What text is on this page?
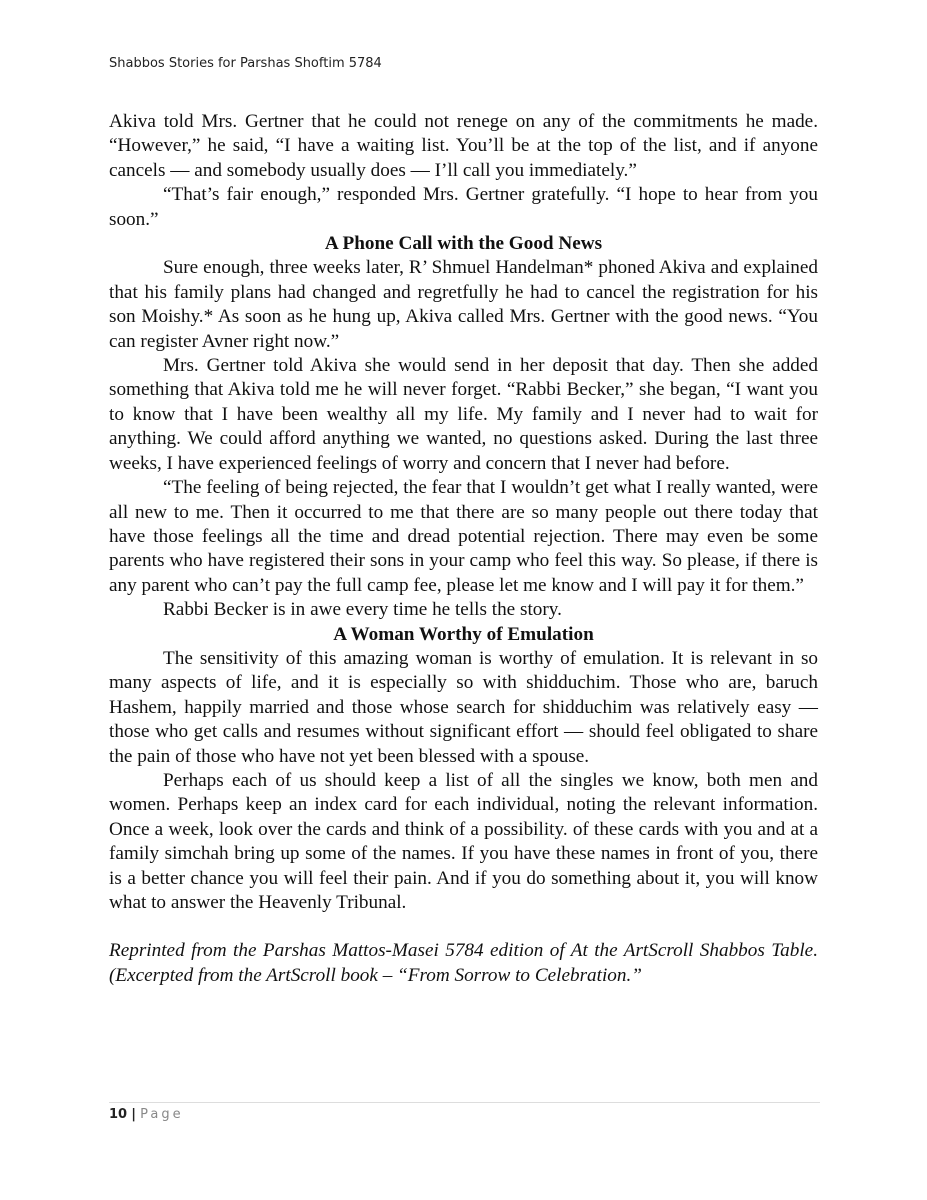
Shabbos Stories for Parshas Shoftim 5784

Akiva told Mrs. Gertner that he could not renege on any of the commitments he made. “However,” he said, “I have a waiting list. You’ll be at the top of the list, and if anyone cancels — and somebody usually does — I’ll call you immediately.”

“That’s fair enough,” responded Mrs. Gertner gratefully. “I hope to hear from you soon.”

A Phone Call with the Good News

Sure enough, three weeks later, R’ Shmuel Handelman* phoned Akiva and explained that his family plans had changed and regretfully he had to cancel the registration for his son Moishy.* As soon as he hung up, Akiva called Mrs. Gertner with the good news. “You can register Avner right now.”

Mrs. Gertner told Akiva she would send in her deposit that day. Then she added something that Akiva told me he will never forget. “Rabbi Becker,” she began, “I want you to know that I have been wealthy all my life. My family and I never had to wait for anything. We could afford anything we wanted, no questions asked. During the last three weeks, I have experienced feelings of worry and concern that I never had before.

“The feeling of being rejected, the fear that I wouldn’t get what I really wanted, were all new to me. Then it occurred to me that there are so many people out there today that have those feelings all the time and dread potential rejection. There may even be some parents who have registered their sons in your camp who feel this way. So please, if there is any parent who can’t pay the full camp fee, please let me know and I will pay it for them.”

Rabbi Becker is in awe every time he tells the story.

A Woman Worthy of Emulation

The sensitivity of this amazing woman is worthy of emulation. It is relevant in so many aspects of life, and it is especially so with shidduchim. Those who are, baruch Hashem, happily married and those whose search for shidduchim was relatively easy — those who get calls and resumes without significant effort — should feel obligated to share the pain of those who have not yet been blessed with a spouse.

Perhaps each of us should keep a list of all the singles we know, both men and women. Perhaps keep an index card for each individual, noting the relevant information. Once a week, look over the cards and think of a possibility. of these cards with you and at a family simchah bring up some of the names. If you have these names in front of you, there is a better chance you will feel their pain. And if you do something about it, you will know what to answer the Heavenly Tribunal.

Reprinted from the Parshas Mattos-Masei 5784 edition of At the ArtScroll Shabbos Table. (Excerpted from the ArtScroll book – “From Sorrow to Celebration.”

10 | Page
